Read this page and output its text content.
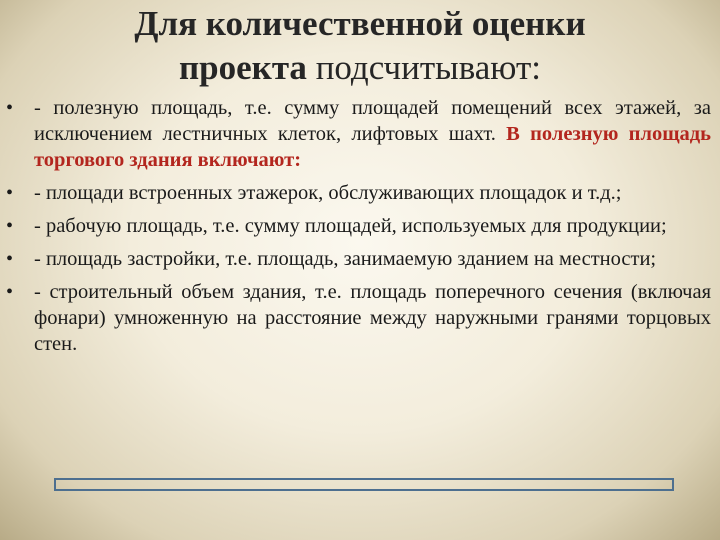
Для количественной оценки
проекта подсчитывают:
•	- полезную площадь, т.е. сумму площадей помещений всех этажей, за исключением лестничных клеток, лифтовых шахт. В полезную площадь торгового здания включают:
•	- площади встроенных этажерок, обслуживающих площадок и т.д.;
•	- рабочую площадь, т.е. сумму площадей, используемых для продукции;
•	- площадь застройки, т.е. площадь, занимаемую зданием на местности;
•	- строительный объем здания, т.е. площадь поперечного сечения (включая фонари) умноженную на расстояние между наружными гранями торцовых стен.
